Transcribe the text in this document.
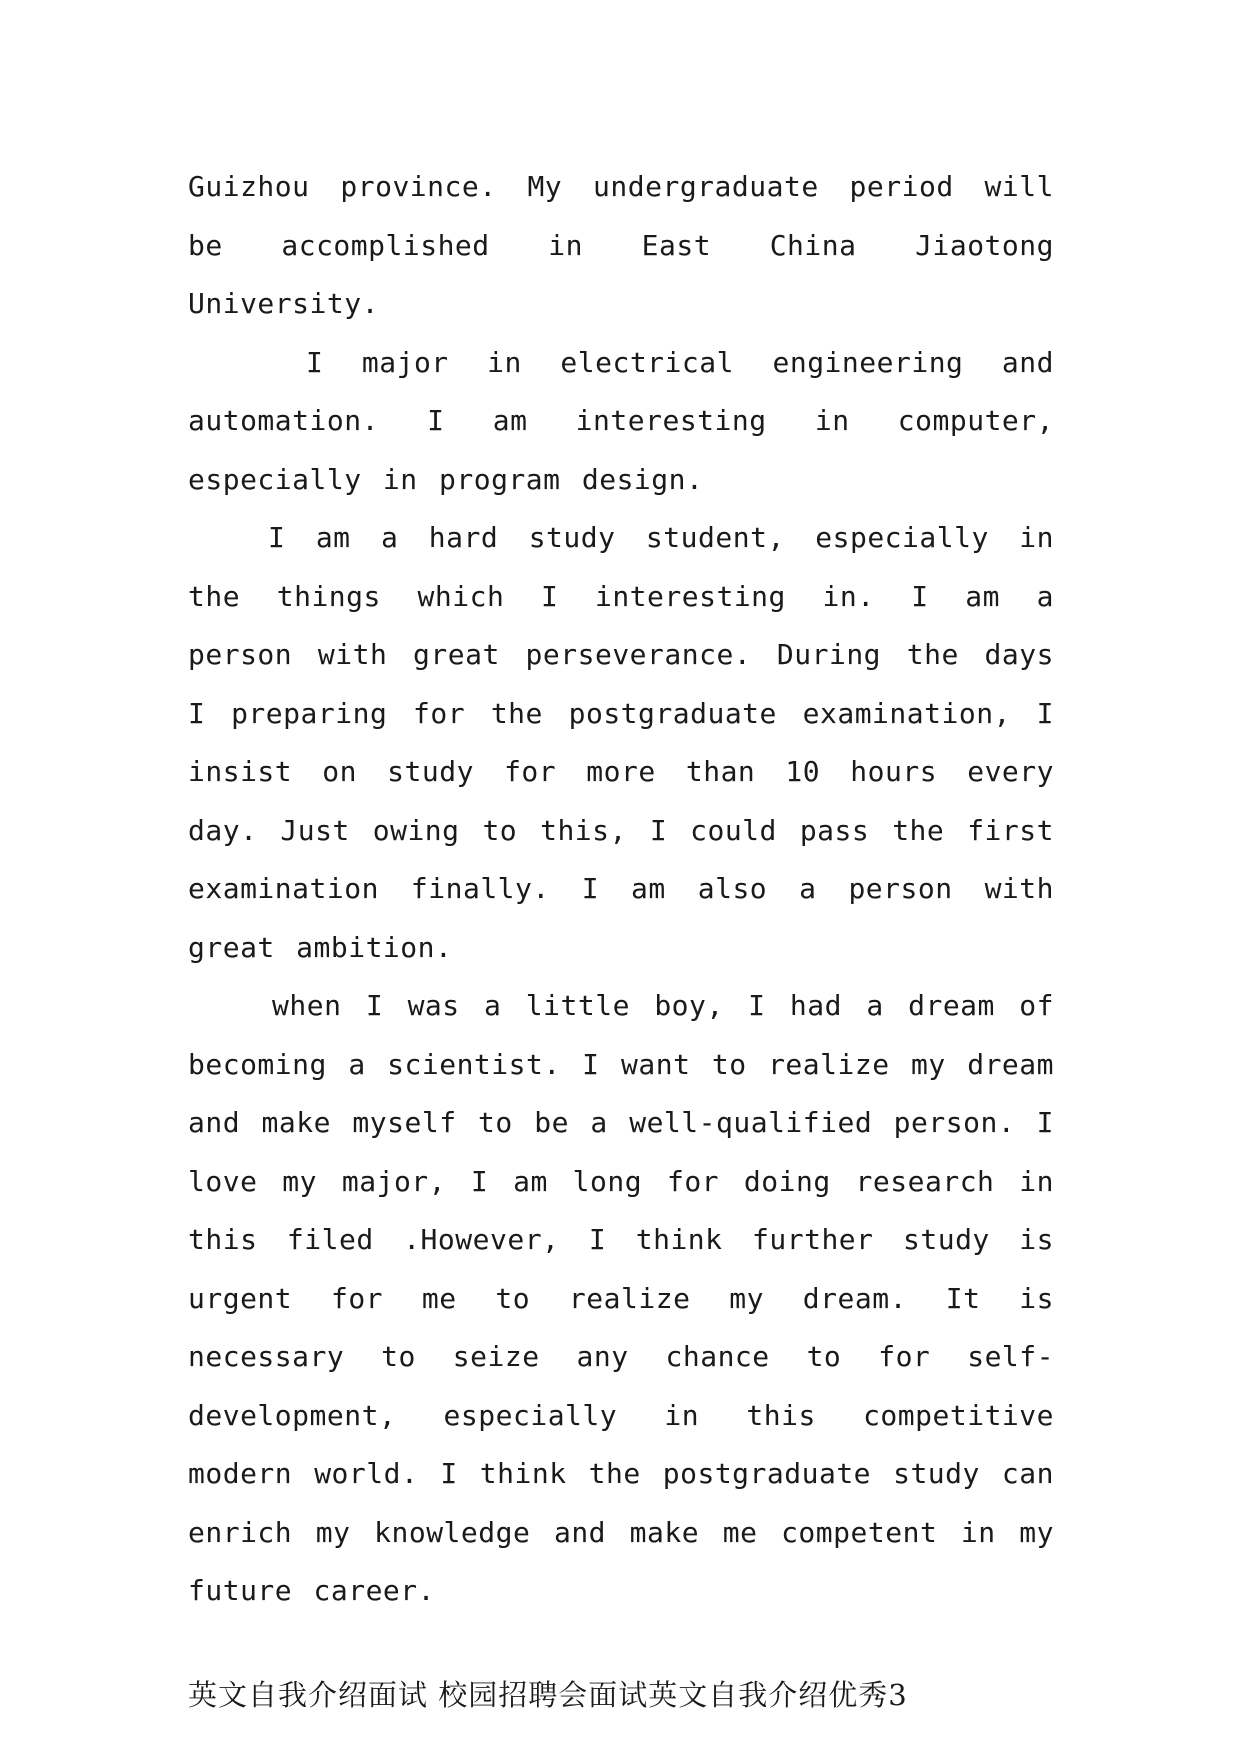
Guizhou province. My undergraduate period will be accomplished in East China Jiaotong University.

I major in electrical engineering and automation. I am interesting in computer, especially in program design.

I am a hard study student, especially in the things which I interesting in. I am a person with great perseverance. During the days I preparing for the postgraduate examination, I insist on study for more than 10 hours every day. Just owing to this, I could pass the first examination finally. I am also a person with great ambition.

when I was a little boy, I had a dream of becoming a scientist. I want to realize my dream and make myself to be a well-qualified person. I love my major, I am long for doing research in this filed .However, I think further study is urgent for me to realize my dream. It is necessary to seize any chance to for self-development, especially in this competitive modern world. I think the postgraduate study can enrich my knowledge and make me competent in my future career.

英文自我介绍面试 校园招聘会面试英文自我介绍优秀3
